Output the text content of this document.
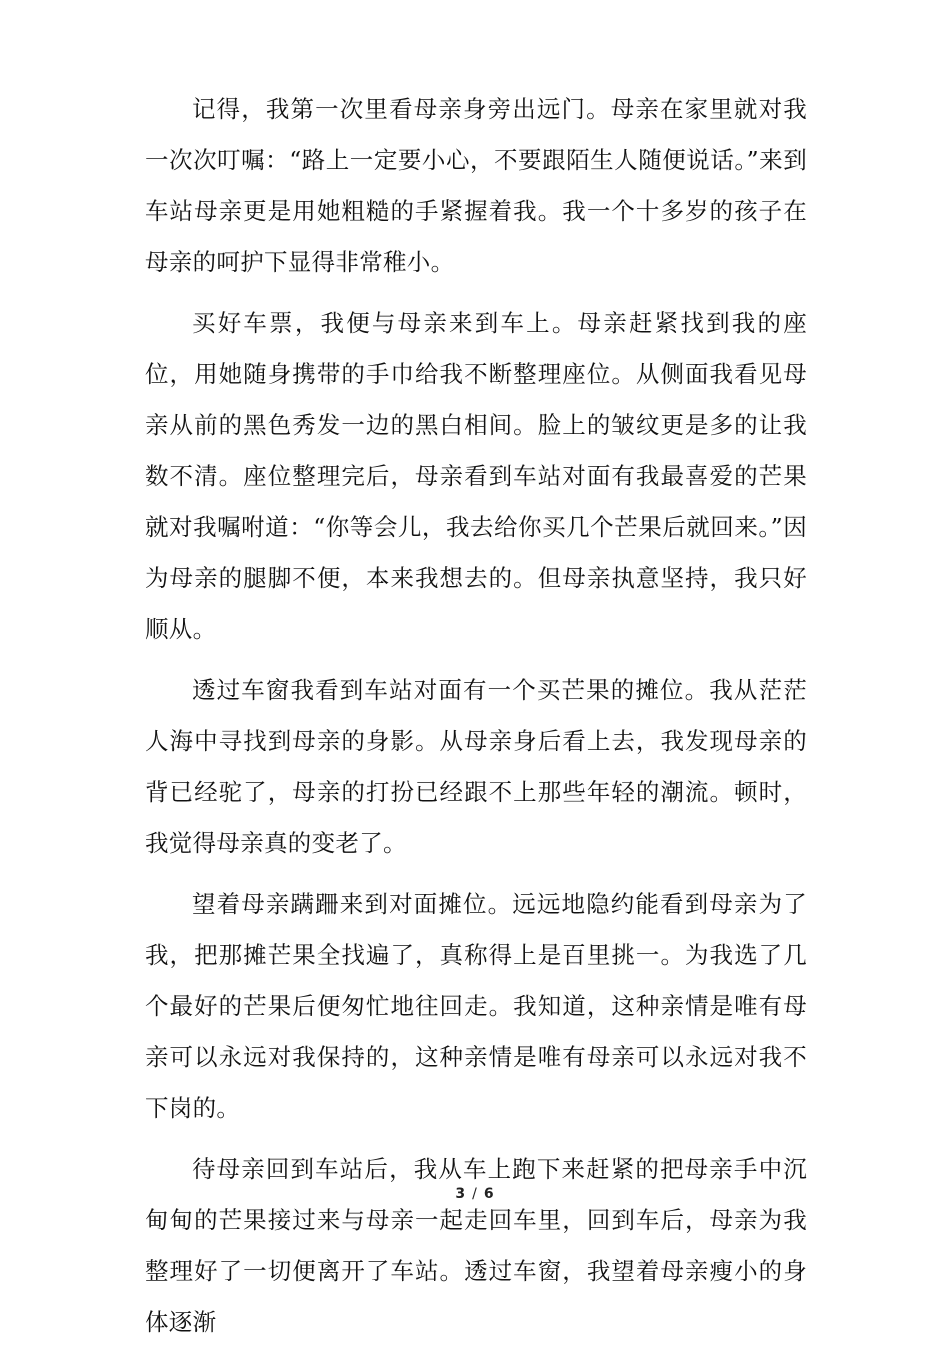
记得，我第一次里看母亲身旁出远门。母亲在家里就对我一次次叮嘱：“路上一定要小心，不要跟陌生人随便说话。”来到车站母亲更是用她粗糙的手紧握着我。我一个十多岁的孩子在母亲的呵护下显得非常稚小。

买好车票，我便与母亲来到车上。母亲赶紧找到我的座位，用她随身携带的手巾给我不断整理座位。从侧面我看见母亲从前的黑色秀发一边的黑白相间。脸上的皱纹更是多的让我数不清。座位整理完后，母亲看到车站对面有我最喜爱的芒果就对我嘱咐道：“你等会儿，我去给你买几个芒果后就回来。”因为母亲的腿脚不便，本来我想去的。但母亲执意坚持，我只好顺从。

透过车窗我看到车站对面有一个买芒果的摊位。我从茫茫人海中寻找到母亲的身影。从母亲身后看上去，我发现母亲的背已经驼了，母亲的打扮已经跟不上那些年轻的潮流。顿时，我觉得母亲真的变老了。

望着母亲蹒跚来到对面摊位。远远地隐约能看到母亲为了我，把那摊芒果全找遍了，真称得上是百里挑一。为我选了几个最好的芒果后便匆忙地往回走。我知道，这种亲情是唯有母亲可以永远对我保持的，这种亲情是唯有母亲可以永远对我不下岗的。

待母亲回到车站后，我从车上跑下来赶紧的把母亲手中沉甸甸的芒果接过来与母亲一起走回车里，回到车后，母亲为我整理好了一切便离开了车站。透过车窗，我望着母亲瘦小的身体逐渐

3 / 6
